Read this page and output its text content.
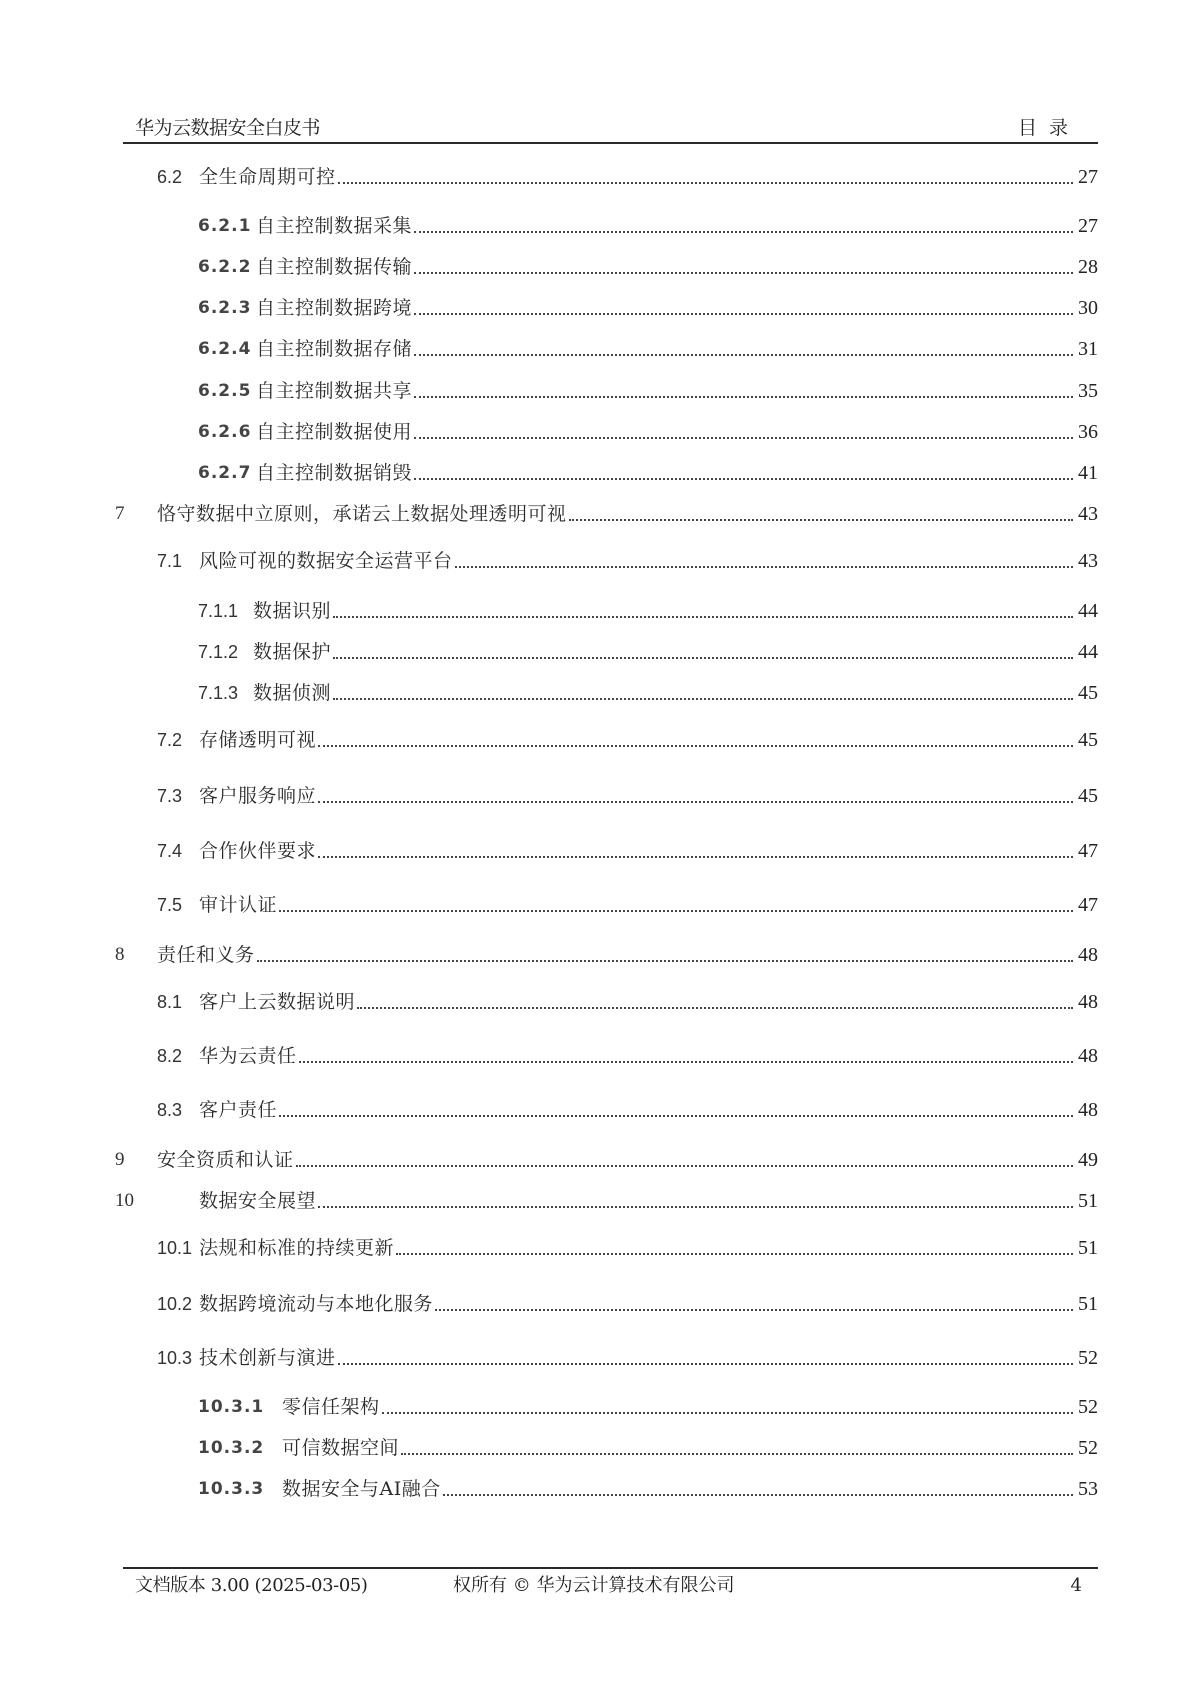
华为云数据安全白皮书	目录
6.2 全生命周期可控	27
6.2.1 自主控制数据采集	27
6.2.2 自主控制数据传输	28
6.2.3 自主控制数据跨境	30
6.2.4 自主控制数据存储	31
6.2.5 自主控制数据共享	35
6.2.6 自主控制数据使用	36
6.2.7 自主控制数据销毁	41
7	恪守数据中立原则，承诺云上数据处理透明可视	43
7.1 风险可视的数据安全运营平台	43
7.1.1 数据识别	44
7.1.2 数据保护	44
7.1.3 数据侦测	45
7.2 存储透明可视	45
7.3 客户服务响应	45
7.4 合作伙伴要求	47
7.5 审计认证	47
8	责任和义务	48
8.1 客户上云数据说明	48
8.2 华为云责任	48
8.3 客户责任	48
9	安全资质和认证	49
10	数据安全展望	51
10.1 法规和标准的持续更新	51
10.2 数据跨境流动与本地化服务	51
10.3 技术创新与演进	52
10.3.1 零信任架构	52
10.3.2 可信数据空间	52
10.3.3 数据安全与AI融合	53
文档版本 3.00 (2025-03-05)	权所有 © 华为云计算技术有限公司	4
